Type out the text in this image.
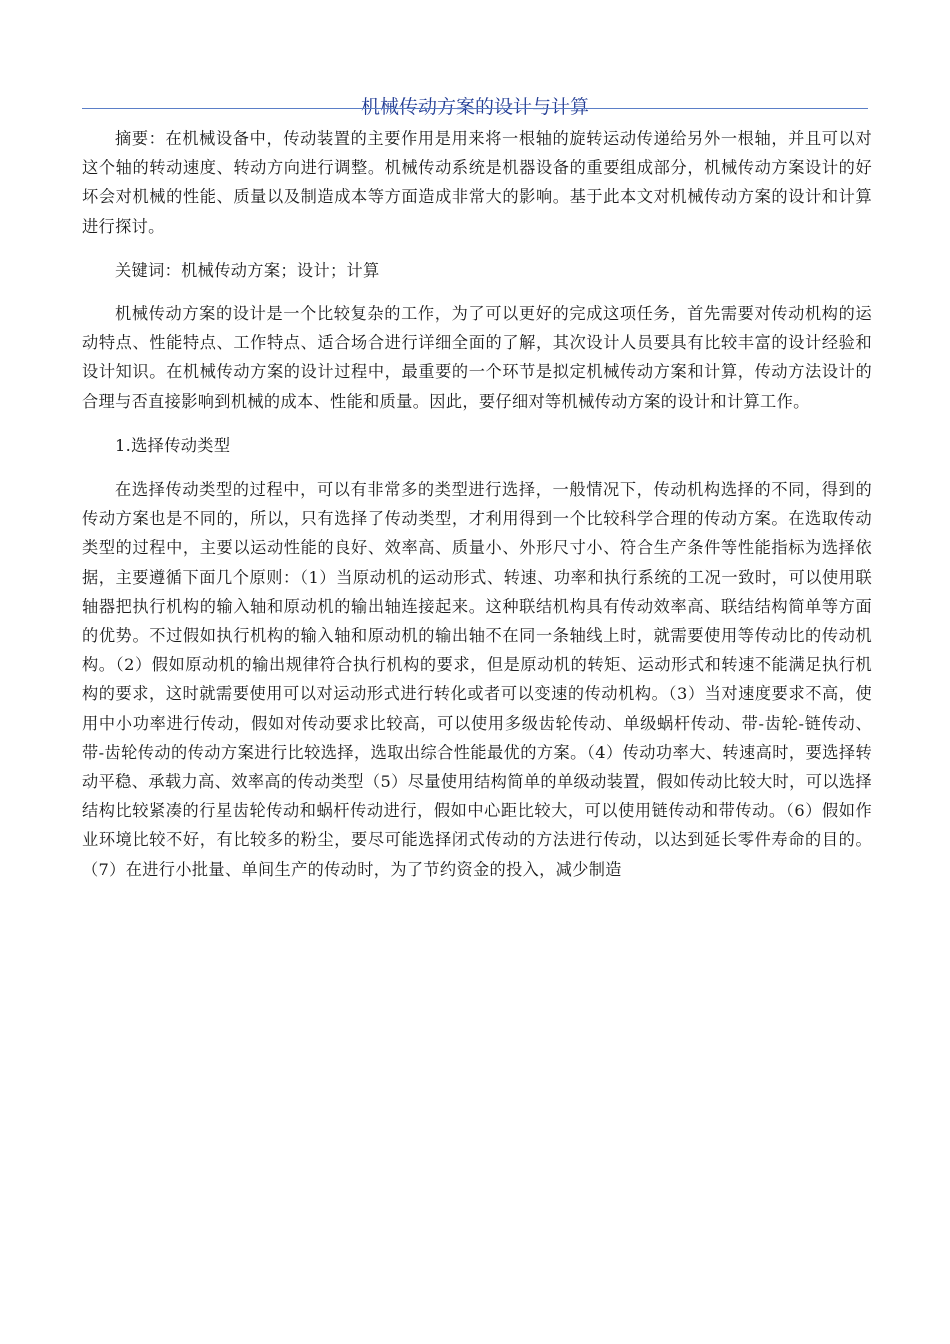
机械传动方案的设计与计算

摘要：在机械设备中，传动装置的主要作用是用来将一根轴的旋转运动传递给另外一根轴，并且可以对这个轴的转动速度、转动方向进行调整。机械传动系统是机器设备的重要组成部分，机械传动方案设计的好坏会对机械的性能、质量以及制造成本等方面造成非常大的影响。基于此本文对机械传动方案的设计和计算进行探讨。

关键词：机械传动方案；设计；计算

机械传动方案的设计是一个比较复杂的工作，为了可以更好的完成这项任务，首先需要对传动机构的运动特点、性能特点、工作特点、适合场合进行详细全面的了解，其次设计人员要具有比较丰富的设计经验和设计知识。在机械传动方案的设计过程中，最重要的一个环节是拟定机械传动方案和计算，传动方法设计的合理与否直接影响到机械的成本、性能和质量。因此，要仔细对等机械传动方案的设计和计算工作。

1.选择传动类型

在选择传动类型的过程中，可以有非常多的类型进行选择，一般情况下，传动机构选择的不同，得到的传动方案也是不同的，所以，只有选择了传动类型，才利用得到一个比较科学合理的传动方案。在选取传动类型的过程中，主要以运动性能的良好、效率高、质量小、外形尺寸小、符合生产条件等性能指标为选择依据，主要遵循下面几个原则：（1）当原动机的运动形式、转速、功率和执行系统的工况一致时，可以使用联轴器把执行机构的输入轴和原动机的输出轴连接起来。这种联结机构具有传动效率高、联结结构简单等方面的优势。不过假如执行机构的输入轴和原动机的输出轴不在同一条轴线上时，就需要使用等传动比的传动机构。（2）假如原动机的输出规律符合执行机构的要求，但是原动机的转矩、运动形式和转速不能满足执行机构的要求，这时就需要使用可以对运动形式进行转化或者可以变速的传动机构。（3）当对速度要求不高，使用中小功率进行传动，假如对传动要求比较高，可以使用多级齿轮传动、单级蜗杆传动、带-齿轮-链传动、带-齿轮传动的传动方案进行比较选择，选取出综合性能最优的方案。（4）传动功率大、转速高时，要选择转动平稳、承载力高、效率高的传动类型（5）尽量使用结构简单的单级动装置，假如传动比较大时，可以选择结构比较紧凑的行星齿轮传动和蜗杆传动进行，假如中心距比较大，可以使用链传动和带传动。（6）假如作业环境比较不好，有比较多的粉尘，要尽可能选择闭式传动的方法进行传动，以达到延长零件寿命的目的。（7）在进行小批量、单间生产的传动时，为了节约资金的投入，减少制造
